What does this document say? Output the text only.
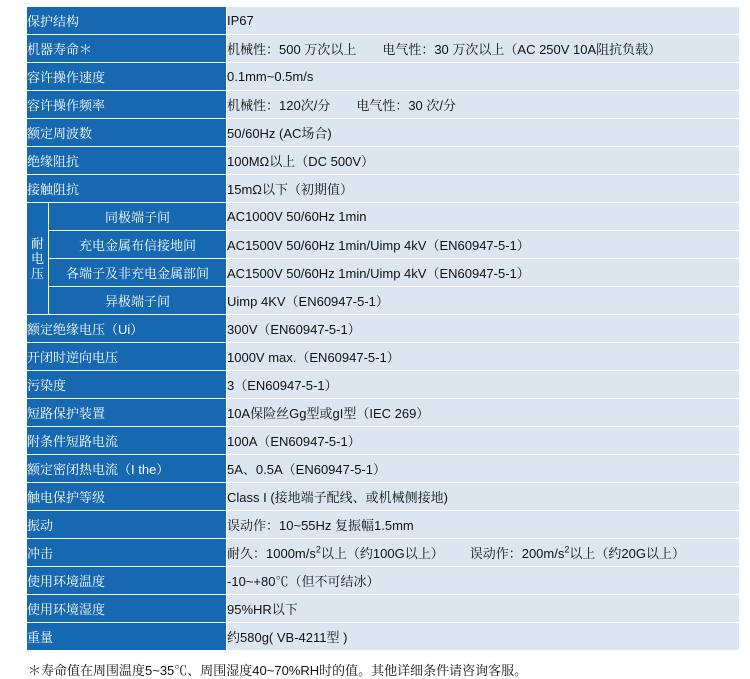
保护结构		IP67
机器寿命＊		机械性：500 万次以上 电气性：30 万次以上（AC 250V 10A阻抗负载）
容许操作速度		0.1mm~0.5m/s
容许操作频率		机械性：120次/分 电气性：30 次/分
额定周波数		50/60Hz (AC场合)
绝缘阻抗		100MΩ以上（DC 500V）
接触阻抗		15mΩ以下（初期值）

耐
电
压	同极端子间	AC1000V 50/60Hz 1min
	充电金属布信接地间	AC1500V 50/60Hz 1min/Uimp 4kV（EN60947-5-1）
	各端子及非充电金属部间	AC1500V 50/60Hz 1min/Uimp 4kV（EN60947-5-1）
	异极端子间	Uimp 4KV（EN60947-5-1）
额定绝缘电压（Ui）		300V（EN60947-5-1）
开闭时逆向电压		1000V max.（EN60947-5-1）
污染度		3（EN60947-5-1）
短路保护装置		10A保险丝Gg型或gI型（IEC 269）
附条件短路电流		100A（EN60947-5-1）
额定密闭热电流（I the）		5A、0.5A（EN60947-5-1）
触电保护等级		Class I (接地端子配线、或机械侧接地)
振动		误动作：10~55Hz 复振幅1.5mm
冲击		耐久：$1000m/s^2$以上（约100G以上） 误动作：$200m/s^2$以上（约20G以上）
使用环境温度		-10~+80℃（但不可结冰）
使用环境湿度		95%HR以下
重量		约580g( VB-4211型 )
＊寿命值在周围温度5~35℃、周围湿度40~70%RH时的值。其他详细条件请咨询客服。
